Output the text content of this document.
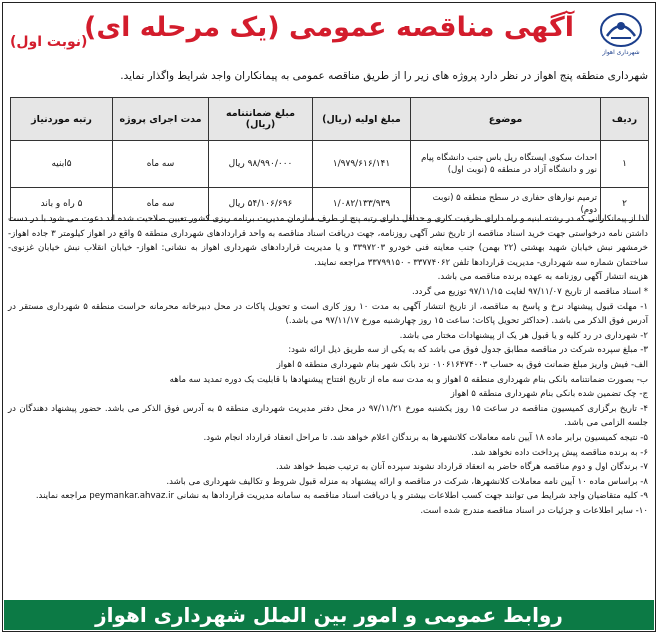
آگهی مناقصه عمومی (یک مرحله ای)
(نوبت اول)
شهرداری اهواز
شهرداری منطقه پنج اهواز در نظر دارد پروژه های زیر را از طریق مناقصه عمومی به پیمانکاران واجد شرایط واگذار نماید.
ردیف	موضوع	مبلغ اولیه (ریال)	مبلغ ضمانتنامه (ریال)	مدت اجرای پروژه	رتبه موردنیاز
۱	احداث سکوی ایستگاه ریل باس جنب دانشگاه پیام نور و دانشگاه آزاد در منطقه ۵ (نوبت اول)	۱/۹۷۹/۶۱۶/۱۴۱	۹۸/۹۹۰/۰۰۰ ریال	سه ماه	۵ابنیه
۲	ترمیم نوارهای حفاری در سطح منطقه ۵ (نوبت دوم)	۱/۰۸۲/۱۳۳/۹۳۹	۵۴/۱۰۶/۶۹۶ ریال	سه ماه	۵ راه و باند

لذا از پیمانکارانی که در رشته ابنیه و راه دارای ظرفیت کاری و حداقل دارای رتبه پنج از طرف سازمان مدیریت برنامه ریزی کشور تعیین صلاحیت شده اند دعوت می شود با در دست داشتن نامه درخواستی جهت خرید اسناد مناقصه از تاریخ نشر آگهی روزنامه، جهت دریافت اسناد مناقصه به واحد قراردادهای شهرداری منطقه ۵ واقع در اهواز کیلومتر ۳ جاده اهواز- خرمشهر نبش خیابان شهید بهشتی (۲۲ بهمن) جنب معاینه فنی خودرو ۳۳۹۷۲۰۳ و یا مدیریت قراردادهای شهرداری اهواز به نشانی: اهواز- خیابان انقلاب نبش خیابان غزنوی- ساختمان شماره سه شهرداری- مدیریت قراردادها تلفن ۳۳۷۷۴۰۶۲ - ۳۳۷۹۹۱۵۰ مراجعه نمایند.

هزینه انتشار آگهی روزنامه به عهده برنده مناقصه می باشد.

* اسناد مناقصه از تاریخ ۹۷/۱۱/۰۷ لغایت ۹۷/۱۱/۱۵ توزیع می گردد.

۱- مهلت قبول پیشنهاد نرخ و پاسخ به مناقصه، از تاریخ انتشار آگهی به مدت ۱۰ روز کاری است و تحویل پاکات در محل دبیرخانه محرمانه حراست منطقه ۵ شهرداری مستقر در آدرس فوق الذکر می باشد. (حداکثر تحویل پاکات: ساعت ۱۵ روز چهارشنبه مورخ ۹۷/۱۱/۱۷ می باشد.)

۲- شهرداری در رد کلیه و یا قبول هر یک از پیشنهادات مختار می باشد.

۳- مبلغ سپرده شرکت در مناقصه مطابق جدول فوق می باشد که به یکی از سه طریق ذیل ارائه شود:

الف- فیش واریز مبلغ ضمانت فوق به حساب ۰۱۰۶۱۶۴۷۴۰۰۳ نزد بانک شهر بنام شهرداری منطقه ۵ اهواز

ب- بصورت ضمانتنامه بانکی بنام شهرداری منطقه ۵ اهواز و به مدت سه ماه از تاریخ افتتاح پیشنهادها با قابلیت یک دوره تمدید سه ماهه

ج- چک تضمین شده بانکی بنام شهرداری منطقه ۵ اهواز

۴- تاریخ برگزاری کمیسیون مناقصه در ساعت ۱۵ روز یکشنبه مورخ ۹۷/۱۱/۲۱ در محل دفتر مدیریت شهرداری منطقه ۵ به آدرس فوق الذکر می باشد. حضور پیشنهاد دهندگان در جلسه الزامی می باشد.

۵- نتیجه کمیسیون برابر ماده ۱۸ آیین نامه معاملات کلانشهرها به برندگان اعلام خواهد شد. تا مراحل انعقاد قرارداد انجام شود.

۶- به برنده مناقصه پیش پرداخت داده نخواهد شد.

۷- برندگان اول و دوم مناقصه هرگاه حاضر به انعقاد قرارداد نشوند سپرده آنان به ترتیب ضبط خواهد شد.

۸- براساس ماده ۱۰ آیین نامه معاملات کلانشهرها، شرکت در مناقصه و ارائه پیشنهاد به منزله قبول شروط و تکالیف شهرداری می باشد.

۹- کلیه متقاضیان واجد شرایط می توانند جهت کسب اطلاعات بیشتر و یا دریافت اسناد مناقصه به سامانه مدیریت قراردادها به نشانی peymankar.ahvaz.ir مراجعه نمایند.

۱۰- سایر اطلاعات و جزئیات در اسناد مناقصه مندرج شده است.

روابط عمومی و امور بین الملل شهرداری اهواز
